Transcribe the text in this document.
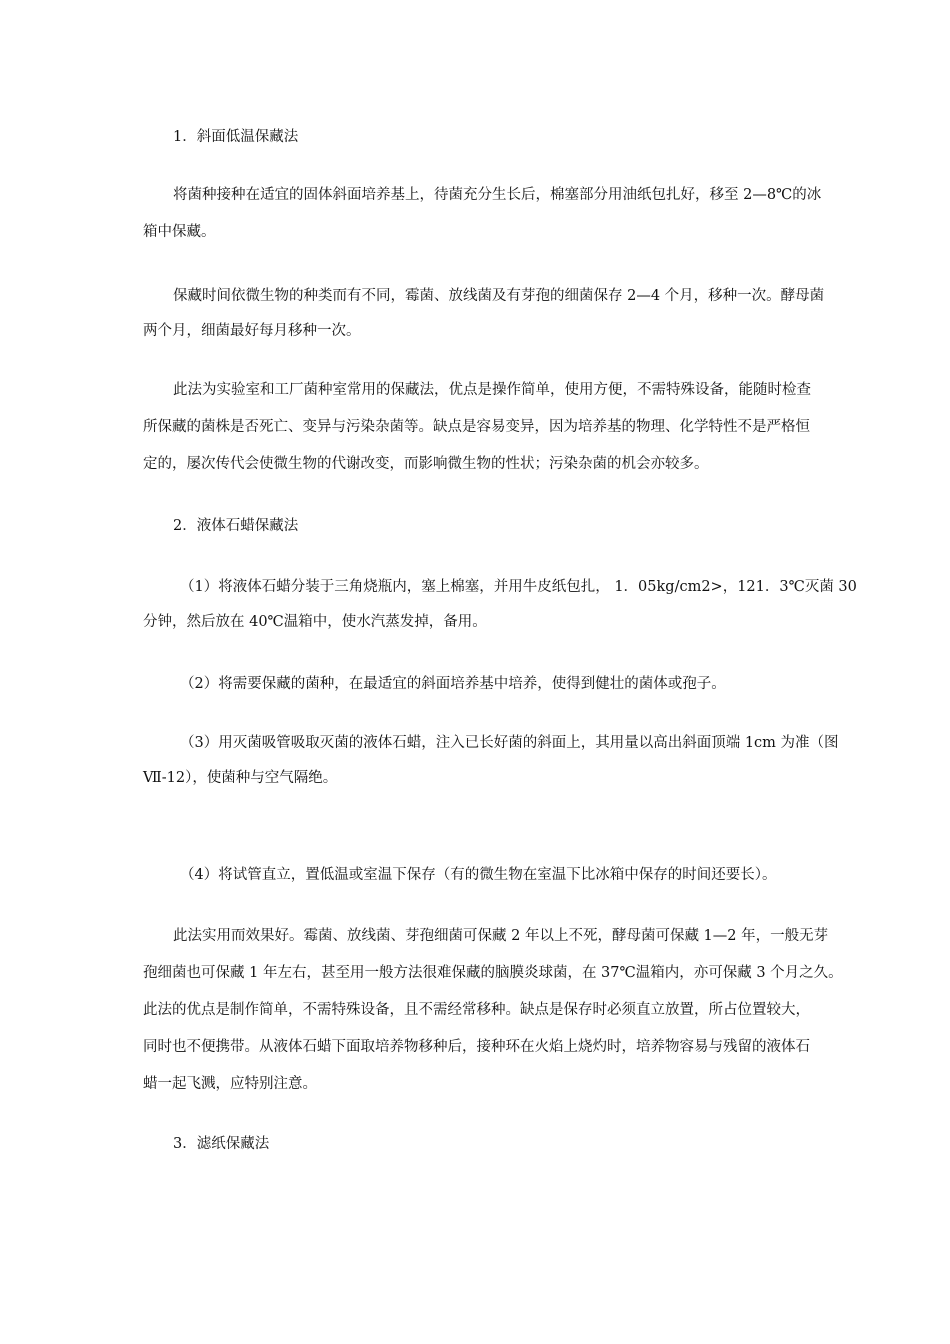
1．斜面低温保藏法
将菌种接种在适宜的固体斜面培养基上，待菌充分生长后，棉塞部分用油纸包扎好，移至 2—8℃的冰
箱中保藏。
保藏时间依微生物的种类而有不同，霉菌、放线菌及有芽孢的细菌保存 2—4 个月，移种一次。酵母菌
两个月，细菌最好每月移种一次。
此法为实验室和工厂菌种室常用的保藏法，优点是操作简单，使用方便，不需特殊设备，能随时检查
所保藏的菌株是否死亡、变异与污染杂菌等。缺点是容易变异，因为培养基的物理、化学特性不是严格恒
定的，屡次传代会使微生物的代谢改变，而影响微生物的性状；污染杂菌的机会亦较多。
2．液体石蜡保藏法
（1）将液体石蜡分装于三角烧瓶内，塞上棉塞，并用牛皮纸包扎， 1．05kg/cm2>，121．3℃灭菌 30
分钟，然后放在 40℃温箱中，使水汽蒸发掉，备用。
（2）将需要保藏的菌种，在最适宜的斜面培养基中培养，使得到健壮的菌体或孢子。
（3）用灭菌吸管吸取灭菌的液体石蜡，注入已长好菌的斜面上，其用量以高出斜面顶端 1cm 为准（图
Ⅶ-12），使菌种与空气隔绝。
（4）将试管直立，置低温或室温下保存（有的微生物在室温下比冰箱中保存的时间还要长）。
此法实用而效果好。霉菌、放线菌、芽孢细菌可保藏 2 年以上不死，酵母菌可保藏 1—2 年，一般无芽
孢细菌也可保藏 1 年左右，甚至用一般方法很难保藏的脑膜炎球菌，在 37℃温箱内，亦可保藏 3 个月之久。
此法的优点是制作简单，不需特殊设备，且不需经常移种。缺点是保存时必须直立放置，所占位置较大，
同时也不便携带。从液体石蜡下面取培养物移种后，接种环在火焰上烧灼时，培养物容易与残留的液体石
蜡一起飞溅，应特别注意。
3．滤纸保藏法
